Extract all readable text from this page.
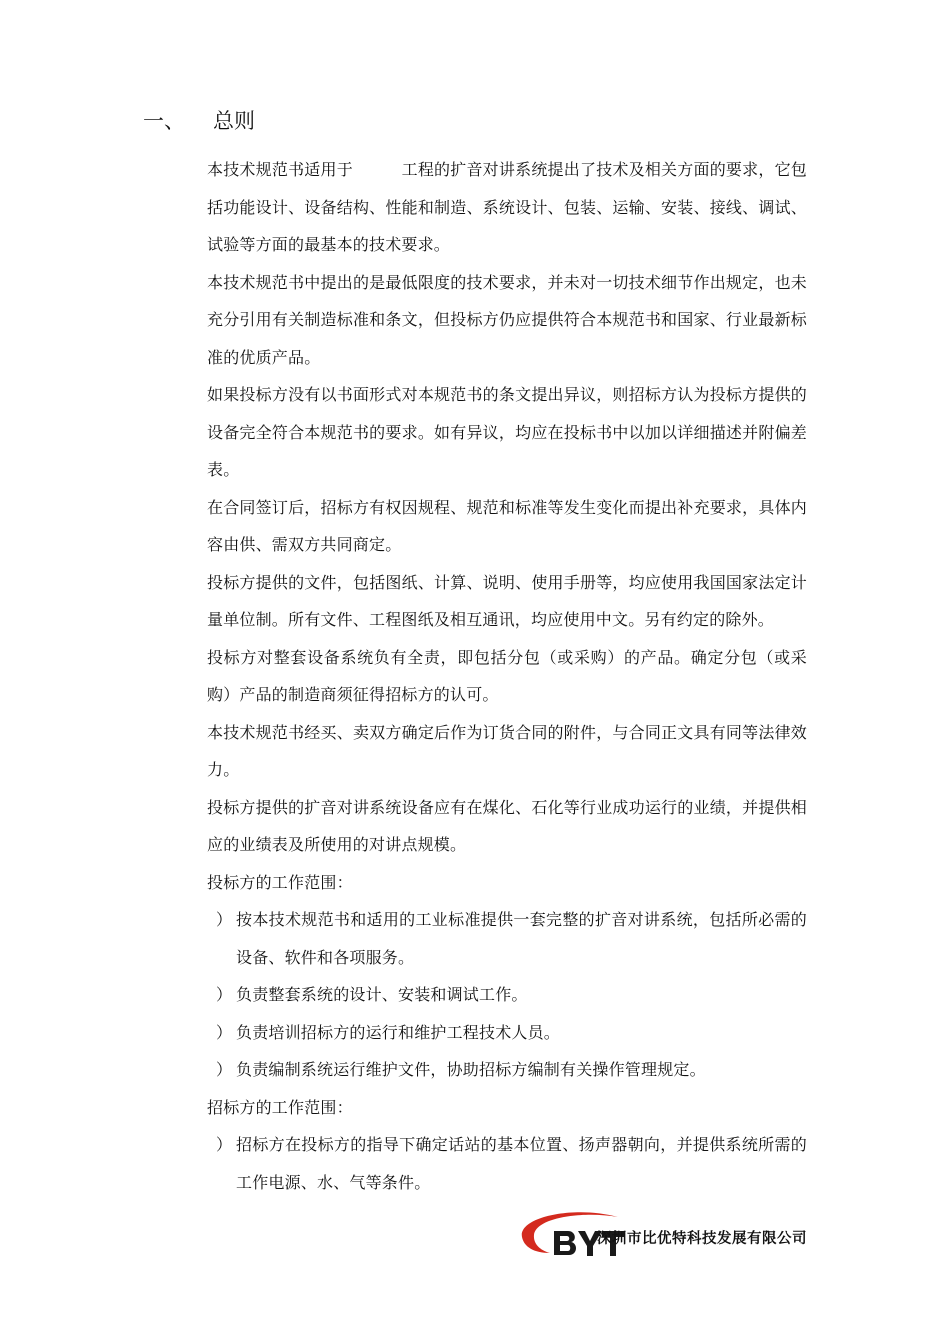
一、	总则

本技术规范书适用于　　　工程的扩音对讲系统提出了技术及相关方面的要求，它包括功能设计、设备结构、性能和制造、系统设计、包装、运输、安装、接线、调试、试验等方面的最基本的技术要求。

本技术规范书中提出的是最低限度的技术要求，并未对一切技术细节作出规定，也未充分引用有关制造标准和条文，但投标方仍应提供符合本规范书和国家、行业最新标准的优质产品。

如果投标方没有以书面形式对本规范书的条文提出异议，则招标方认为投标方提供的设备完全符合本规范书的要求。如有异议，均应在投标书中以加以详细描述并附偏差表。

在合同签订后，招标方有权因规程、规范和标准等发生变化而提出补充要求，具体内容由供、需双方共同商定。

投标方提供的文件，包括图纸、计算、说明、使用手册等，均应使用我国国家法定计量单位制。所有文件、工程图纸及相互通讯，均应使用中文。另有约定的除外。

投标方对整套设备系统负有全责，即包括分包（或采购）的产品。确定分包（或采购）产品的制造商须征得招标方的认可。

本技术规范书经买、卖双方确定后作为订货合同的附件，与合同正文具有同等法律效力。

投标方提供的扩音对讲系统设备应有在煤化、石化等行业成功运行的业绩，并提供相应的业绩表及所使用的对讲点规模。

投标方的工作范围：

） 按本技术规范书和适用的工业标准提供一套完整的扩音对讲系统，包括所必需的设备、软件和各项服务。
） 负责整套系统的设计、安装和调试工作。
） 负责培训招标方的运行和维护工程技术人员。
） 负责编制系统运行维护文件，协助招标方编制有关操作管理规定。

招标方的工作范围：

） 招标方在投标方的指导下确定话站的基本位置、扬声器朝向，并提供系统所需的工作电源、水、气等条件。
深圳市比优特科技发展有限公司
